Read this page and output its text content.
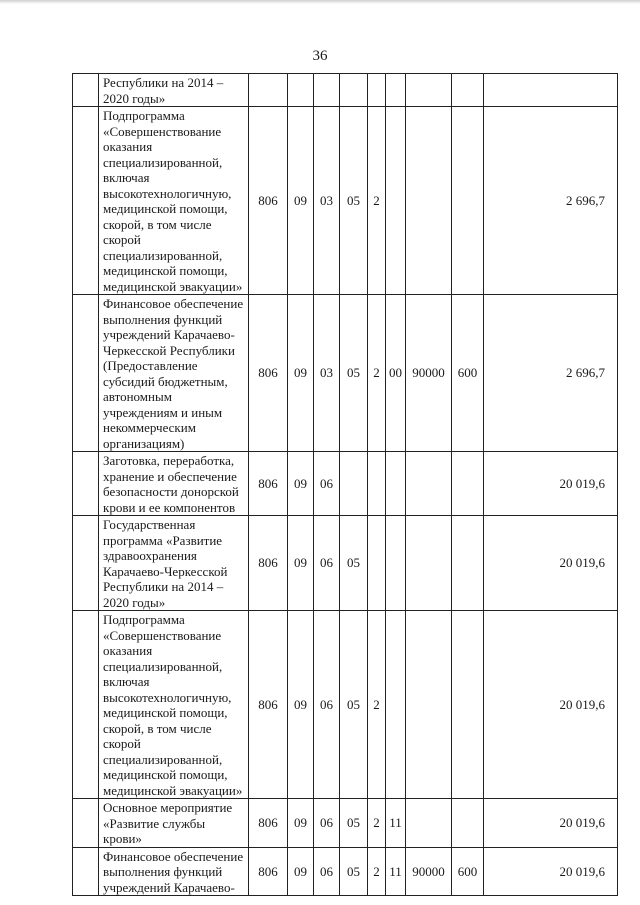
36
	Республики на 2014 – 2020 годы»									
	Подпрограмма «Совершенствование оказания специализированной, включая высокотехнологичную, медицинской помощи, скорой, в том числе скорой специализированной, медицинской помощи, медицинской эвакуации»	806	09	03	05	2				2 696,7
	Финансовое обеспечение выполнения функций учреждений Карачаево-Черкесской Республики (Предоставление субсидий бюджетным, автономным учреждениям и иным некоммерческим организациям)	806	09	03	05	2	00	90000	600	2 696,7
	Заготовка, переработка, хранение и обеспечение безопасности донорской крови и ее компонентов	806	09	06						20 019,6
	Государственная программа «Развитие здравоохранения Карачаево-Черкесской Республики на 2014 – 2020 годы»	806	09	06	05					20 019,6
	Подпрограмма «Совершенствование оказания специализированной, включая высокотехнологичную, медицинской помощи, скорой, в том числе скорой специализированной, медицинской помощи, медицинской эвакуации»	806	09	06	05	2				20 019,6
	Основное мероприятие «Развитие службы крови»	806	09	06	05	2	11			20 019,6
	Финансовое обеспечение выполнения функций учреждений Карачаево-	806	09	06	05	2	11	90000	600	20 019,6
